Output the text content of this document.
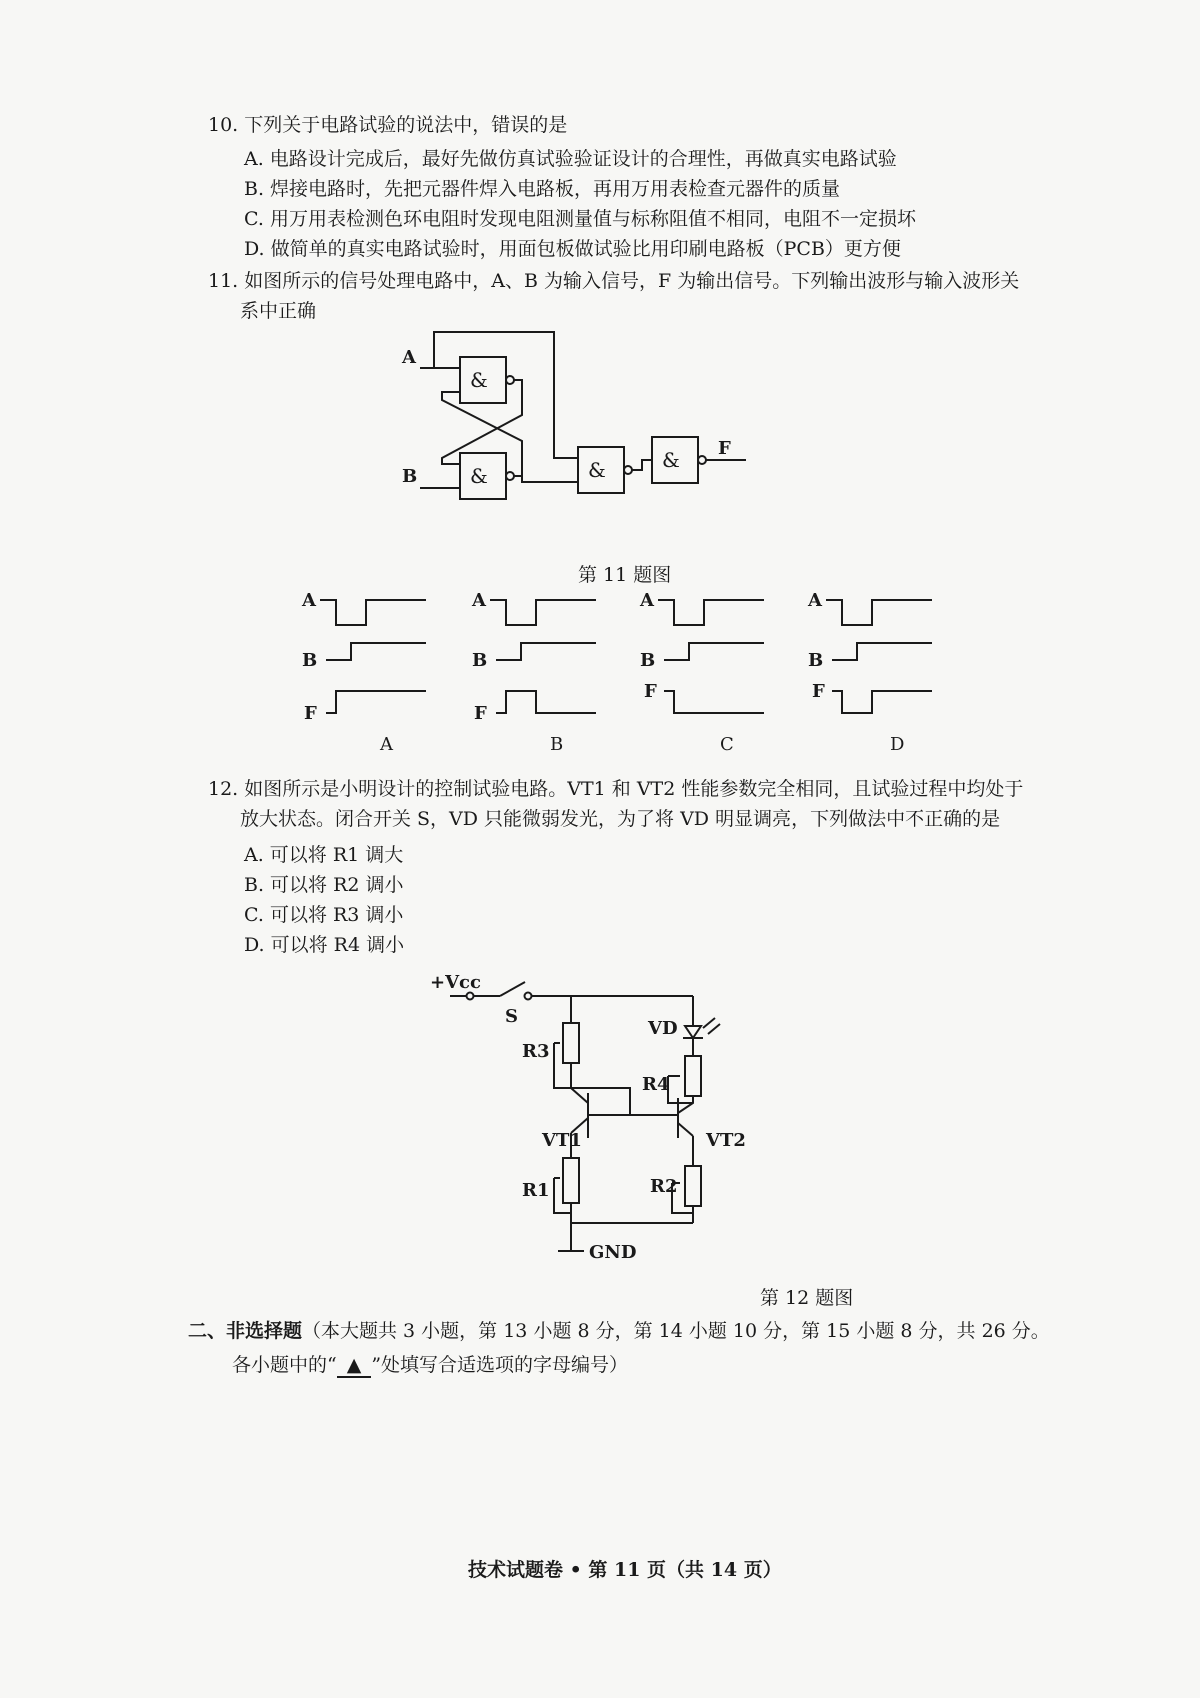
10. 下列关于电路试验的说法中，错误的是
A. 电路设计完成后，最好先做仿真试验验证设计的合理性，再做真实电路试验
B. 焊接电路时，先把元器件焊入电路板，再用万用表检查元器件的质量
C. 用万用表检测色环电阻时发现电阻测量值与标称阻值不相同，电阻不一定损坏
D. 做简单的真实电路试验时，用面包板做试验比用印刷电路板（PCB）更方便
11. 如图所示的信号处理电路中，A、B 为输入信号，F 为输出信号。下列输出波形与输入波形关
系中正确
&
&	&	&
A
B
F
第 11 题图
A
B
F
A
B
F
A
B
F
A
B
F
A	B	C	D
12. 如图所示是小明设计的控制试验电路。VT1 和 VT2 性能参数完全相同，且试验过程中均处于
放大状态。闭合开关 S，VD 只能微弱发光，为了将 VD 明显调亮，下列做法中不正确的是
A. 可以将 R1 调大
B. 可以将 R2 调小
C. 可以将 R3 调小
D. 可以将 R4 调小
+Vcc
S
VD
R3
R4
VT1	VT2
R1	R2
GND
第 12 题图
二、非选择题（本大题共 3 小题，第 13 小题 8 分，第 14 小题 10 分，第 15 小题 8 分，共 26 分。
各小题中的“ ▲ ”处填写合适选项的字母编号）
技术试题卷 • 第 11 页（共 14 页）
